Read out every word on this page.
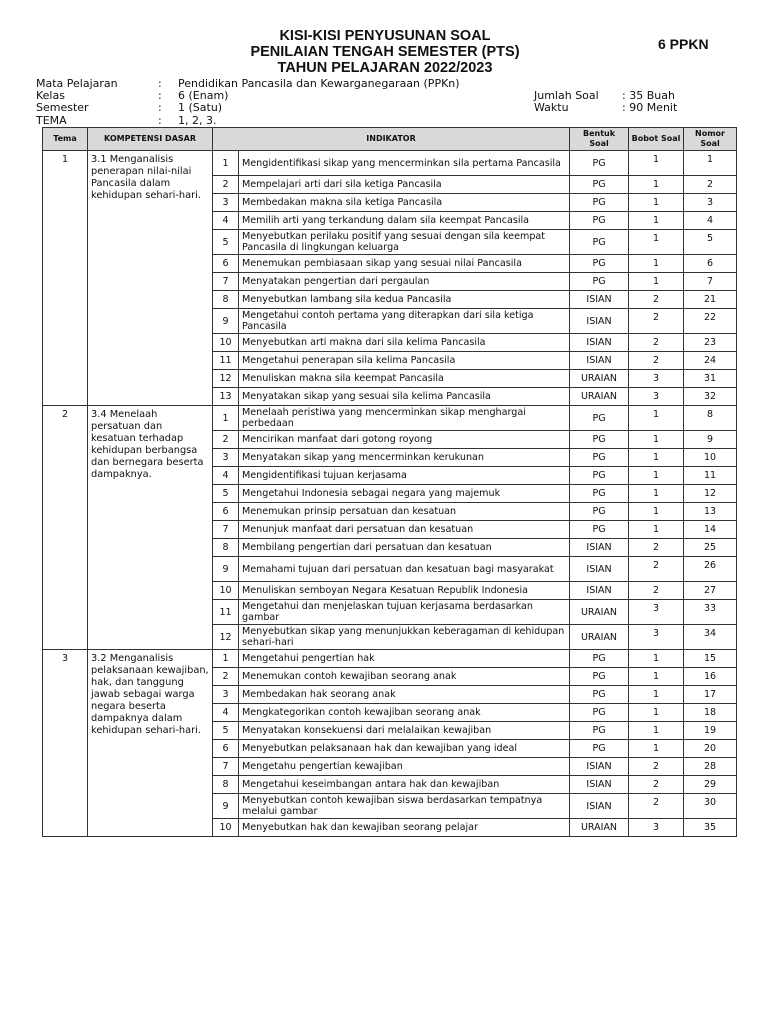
KISI-KISI PENYUSUNAN SOAL
PENILAIAN TENGAH SEMESTER (PTS)
TAHUN PELAJARAN 2022/2023
6 PPKN
Mata Pelajaran	: Pendidikan Pancasila dan Kewarganegaraan (PPKn)
Kelas	: 6 (Enam)
Semester	: 1 (Satu)
TEMA	: 1, 2, 3.
Jumlah Soal : 35 Buah
Waktu	: 90 Menit
Tema	KOMPETENSI DASAR	INDIKATOR		Bentuk Soal	Bobot Soal	Nomor Soal
1	3.1 Menganalisis penerapan nilai-nilai Pancasila dalam kehidupan sehari-hari.	1	Mengidentifikasi sikap yang mencerminkan sila pertama Pancasila	PG	1	1
		2	Mempelajari arti dari sila ketiga Pancasila	PG	1	2
		3	Membedakan makna sila ketiga Pancasila	PG	1	3
		4	Memilih arti yang terkandung dalam sila keempat Pancasila	PG	1	4
		5	Menyebutkan perilaku positif yang sesuai dengan sila keempat Pancasila di lingkungan keluarga	PG	1	5
		6	Menemukan pembiasaan sikap yang sesuai nilai Pancasila	PG	1	6
		7	Menyatakan pengertian dari pergaulan	PG	1	7
		8	Menyebutkan lambang sila kedua Pancasila	ISIAN	2	21
		9	Mengetahui contoh pertama yang diterapkan dari sila ketiga Pancasila	ISIAN	2	22
		10	Menyebutkan arti makna dari sila kelima Pancasila	ISIAN	2	23
		11	Mengetahui penerapan sila kelima Pancasila	ISIAN	2	24
		12	Menuliskan makna sila keempat Pancasila	URAIAN	3	31
		13	Menyatakan sikap yang sesuai sila kelima Pancasila	URAIAN	3	32
2	3.4 Menelaah persatuan dan kesatuan terhadap kehidupan berbangsa dan bernegara beserta dampaknya.	1	Menelaah peristiwa yang mencerminkan sikap menghargai perbedaan	PG	1	8
		2	Mencirikan manfaat dari gotong royong	PG	1	9
		3	Menyatakan sikap yang mencerminkan kerukunan	PG	1	10
		4	Mengidentifikasi tujuan kerjasama	PG	1	11
		5	Mengetahui Indonesia sebagai negara yang majemuk	PG	1	12
		6	Menemukan prinsip persatuan dan kesatuan	PG	1	13
		7	Menunjuk manfaat dari persatuan dan kesatuan	PG	1	14
		8	Membilang pengertian dari persatuan dan kesatuan	ISIAN	2	25
		9	Memahami tujuan dari persatuan dan kesatuan bagi masyarakat	ISIAN	2	26
		10	Menuliskan semboyan Negara Kesatuan Republik Indonesia	ISIAN	2	27
		11	Mengetahui dan menjelaskan tujuan kerjasama berdasarkan gambar	URAIAN	3	33
		12	Menyebutkan sikap yang menunjukkan keberagaman di kehidupan sehari-hari	URAIAN	3	34
3	3.2 Menganalisis pelaksanaan kewajiban, hak, dan tanggung jawab sebagai warga negara beserta dampaknya dalam kehidupan sehari-hari.	1	Mengetahui pengertian hak	PG	1	15
		2	Menemukan contoh kewajiban seorang anak	PG	1	16
		3	Membedakan hak seorang anak	PG	1	17
		4	Mengkategorikan contoh kewajiban seorang anak	PG	1	18
		5	Menyatakan konsekuensi dari melalaikan kewajiban	PG	1	19
		6	Menyebutkan pelaksanaan hak dan kewajiban yang ideal	PG	1	20
		7	Mengetahu pengertian kewajiban	ISIAN	2	28
		8	Mengetahui keseimbangan antara hak dan kewajiban	ISIAN	2	29
		9	Menyebutkan contoh kewajiban siswa berdasarkan tempatnya melalui gambar	ISIAN	2	30
		10	Menyebutkan hak dan kewajiban seorang pelajar	URAIAN	3	35
